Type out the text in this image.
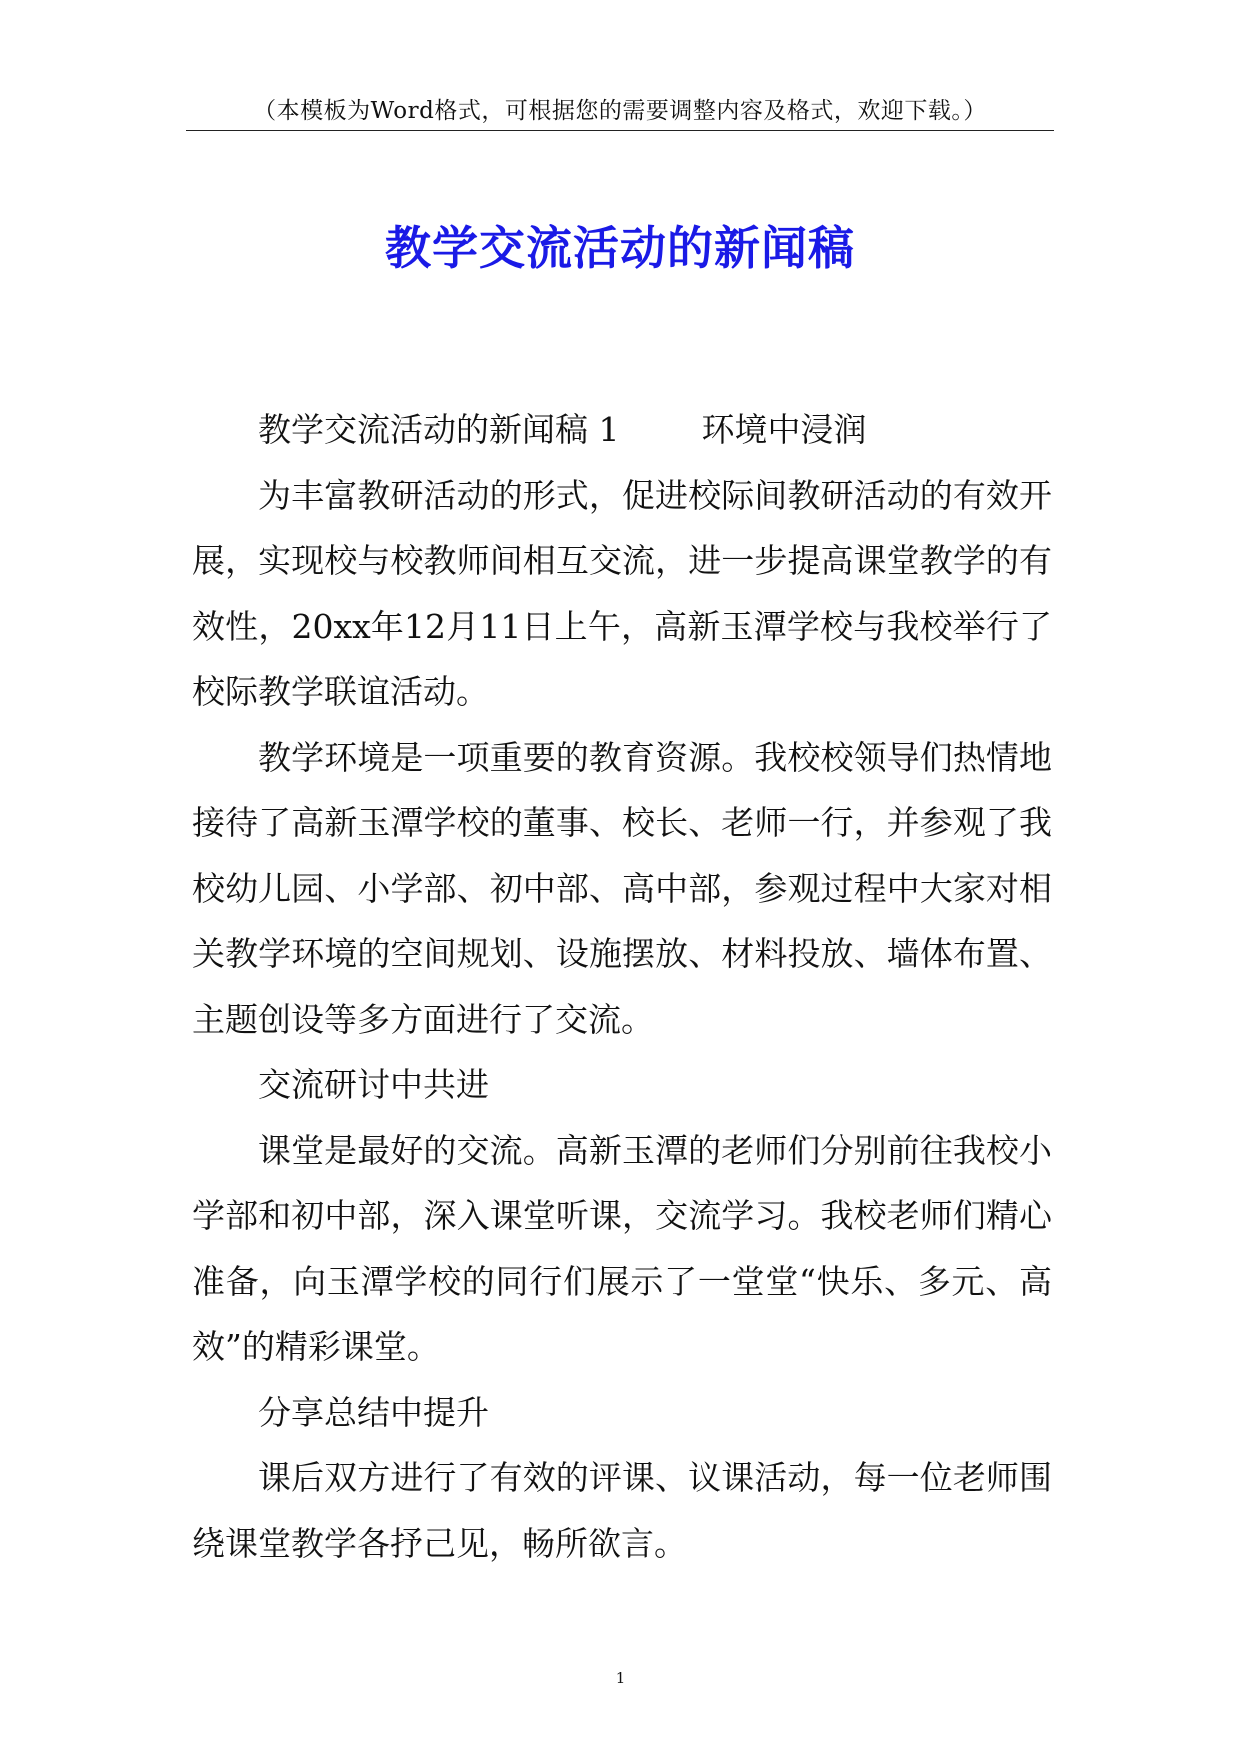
（本模板为Word格式，可根据您的需要调整内容及格式，欢迎下载。）
教学交流活动的新闻稿

教学交流活动的新闻稿 1 环境中浸润

为丰富教研活动的形式，促进校际间教研活动的有效开展，实现校与校教师间相互交流，进一步提高课堂教学的有效性，20xx年12月11日上午，高新玉潭学校与我校举行了校际教学联谊活动。

教学环境是一项重要的教育资源。我校校领导们热情地接待了高新玉潭学校的董事、校长、老师一行，并参观了我校幼儿园、小学部、初中部、高中部，参观过程中大家对相关教学环境的空间规划、设施摆放、材料投放、墙体布置、主题创设等多方面进行了交流。

交流研讨中共进

课堂是最好的交流。高新玉潭的老师们分别前往我校小学部和初中部，深入课堂听课，交流学习。我校老师们精心准备，向玉潭学校的同行们展示了一堂堂“快乐、多元、高效”的精彩课堂。

分享总结中提升

课后双方进行了有效的评课、议课活动，每一位老师围绕课堂教学各抒己见，畅所欲言。

1
